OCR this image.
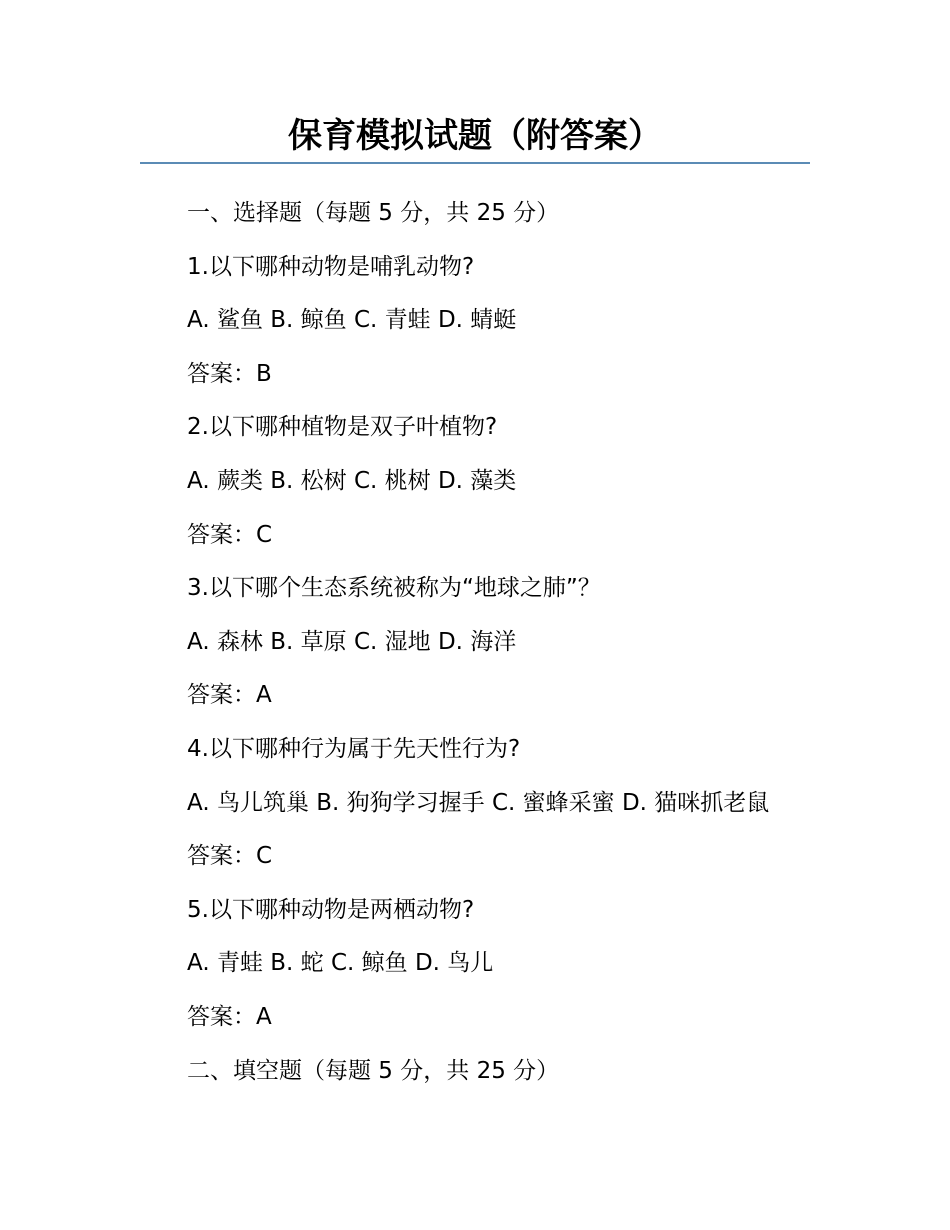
保育模拟试题（附答案）

一、选择题（每题 5 分，共 25 分）

1.以下哪种动物是哺乳动物?

A. 鲨鱼 B. 鲸鱼 C. 青蛙 D. 蜻蜓

答案：B

2.以下哪种植物是双子叶植物?

A. 蕨类 B. 松树 C. 桃树 D. 藻类

答案：C

3.以下哪个生态系统被称为“地球之肺”？

A. 森林 B. 草原 C. 湿地 D. 海洋

答案：A

4.以下哪种行为属于先天性行为?

A. 鸟儿筑巢 B. 狗狗学习握手 C. 蜜蜂采蜜 D. 猫咪抓老鼠

答案：C

5.以下哪种动物是两栖动物?

A. 青蛙 B. 蛇 C. 鲸鱼 D. 鸟儿

答案：A

二、填空题（每题 5 分，共 25 分）
